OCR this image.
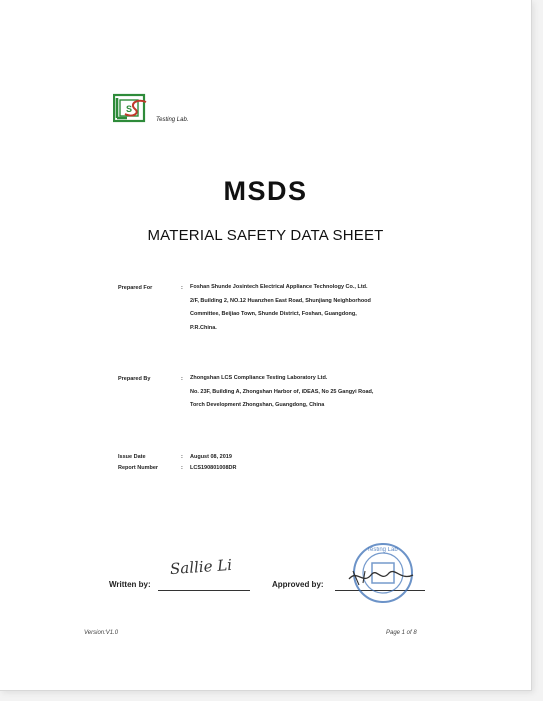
S
Testing Lab.
MSDS
MATERIAL SAFETY DATA SHEET
Prepared For	: Foshan Shunde Josintech Electrical Appliance Technology Co., Ltd.
2/F, Building 2, NO.12 Huanzhen East Road, Shunjiang Neighborhood
Committee, Beijiao Town, Shunde District, Foshan, Guangdong,
P.R.China.
Prepared By	: Zhongshan LCS Compliance Testing Laboratory Ltd.
No. 23F, Building A, Zhongshan Harbor of, iDEAS, No 25 Gangyi Road,
Torch Development Zhongshan, Guangdong, China
Issue Date	: August 08, 2019
Report Number	: LCS190801008DR
Written by:
Sallie Li
Approved by:
Testing Lab
Version:V1.0	Page 1 of 8
